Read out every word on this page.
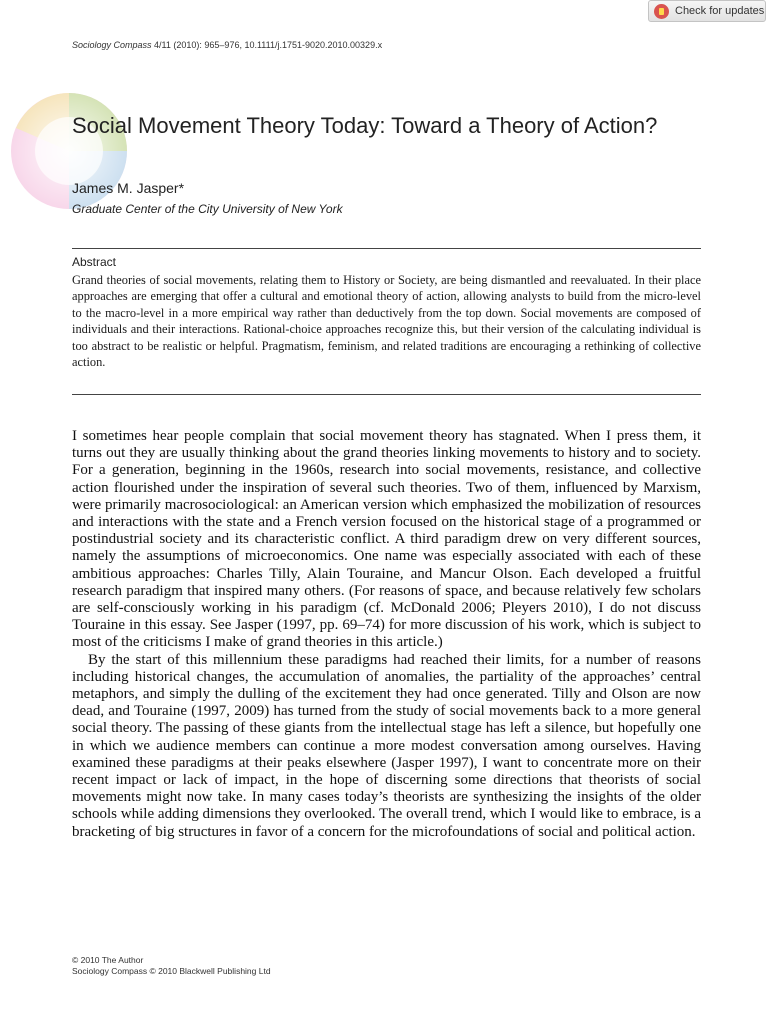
Check for updates
Sociology Compass 4/11 (2010): 965–976, 10.1111/j.1751-9020.2010.00329.x
Social Movement Theory Today: Toward a Theory of Action?
James M. Jasper*
Graduate Center of the City University of New York
Abstract

Grand theories of social movements, relating them to History or Society, are being dismantled and reevaluated. In their place approaches are emerging that offer a cultural and emotional theory of action, allowing analysts to build from the micro-level to the macro-level in a more empirical way rather than deductively from the top down. Social movements are composed of individuals and their interactions. Rational-choice approaches recognize this, but their version of the calculating individual is too abstract to be realistic or helpful. Pragmatism, feminism, and related traditions are encouraging a rethinking of collective action.

I sometimes hear people complain that social movement theory has stagnated. When I press them, it turns out they are usually thinking about the grand theories linking movements to history and to society. For a generation, beginning in the 1960s, research into social movements, resistance, and collective action flourished under the inspiration of several such theories. Two of them, influenced by Marxism, were primarily macrosociological: an American version which emphasized the mobilization of resources and interactions with the state and a French version focused on the historical stage of a programmed or postindustrial society and its characteristic conflict. A third paradigm drew on very different sources, namely the assumptions of microeconomics. One name was especially associated with each of these ambitious approaches: Charles Tilly, Alain Touraine, and Mancur Olson. Each developed a fruitful research paradigm that inspired many others. (For reasons of space, and because relatively few scholars are self-consciously working in his paradigm (cf. McDonald 2006; Pleyers 2010), I do not discuss Touraine in this essay. See Jasper (1997, pp. 69–74) for more discussion of his work, which is subject to most of the criticisms I make of grand theories in this article.)

By the start of this millennium these paradigms had reached their limits, for a number of reasons including historical changes, the accumulation of anomalies, the partiality of the approaches’ central metaphors, and simply the dulling of the excitement they had once generated. Tilly and Olson are now dead, and Touraine (1997, 2009) has turned from the study of social movements back to a more general social theory. The passing of these giants from the intellectual stage has left a silence, but hopefully one in which we audience members can continue a more modest conversation among ourselves. Having examined these paradigms at their peaks elsewhere (Jasper 1997), I want to concentrate more on their recent impact or lack of impact, in the hope of discerning some directions that theorists of social movements might now take. In many cases today’s theorists are synthesizing the insights of the older schools while adding dimensions they overlooked. The overall trend, which I would like to embrace, is a bracketing of big structures in favor of a concern for the microfoundations of social and political action.

© 2010 The Author
Sociology Compass © 2010 Blackwell Publishing Ltd
